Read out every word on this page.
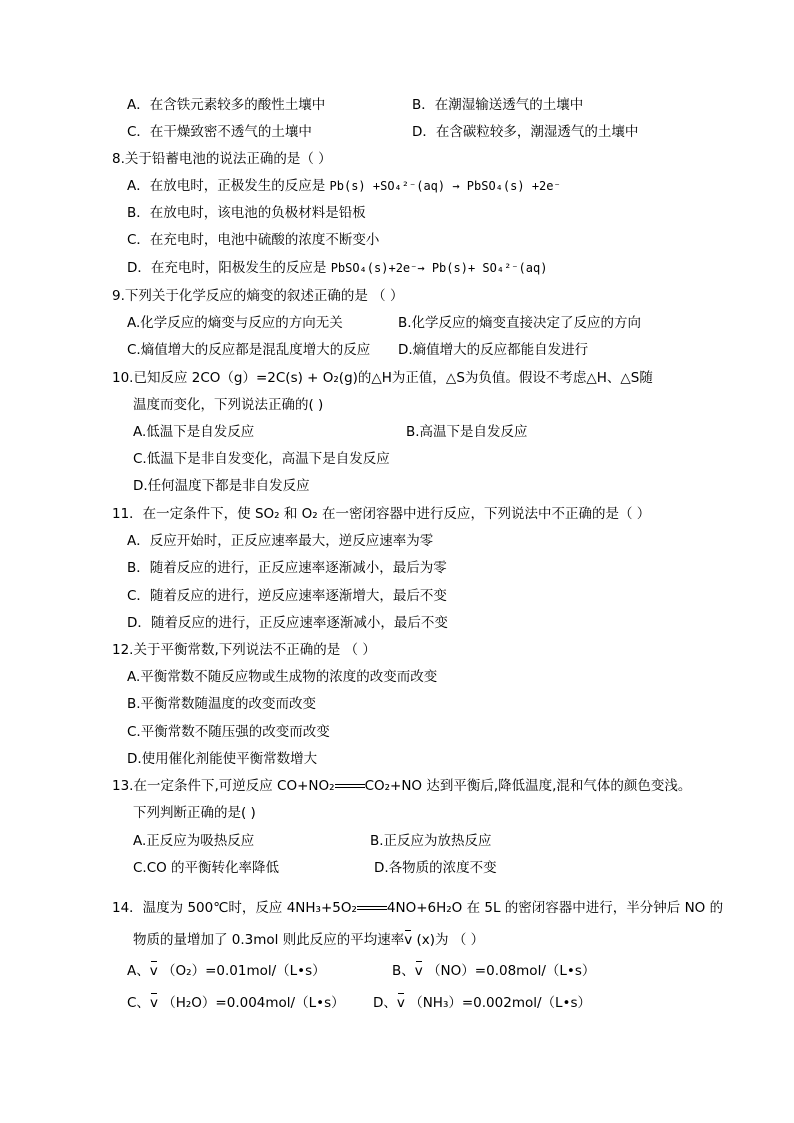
A．在含铁元素较多的酸性土壤中	B．在潮湿输送透气的土壤中
C．在干燥致密不透气的土壤中	D．在含碳粒较多，潮湿透气的土壤中
8.关于铅蓄电池的说法正确的是（ ）
A．在放电时，正极发生的反应是 Pb(s) +SO₄²⁻(aq) → PbSO₄(s) +2e⁻
B．在放电时，该电池的负极材料是铅板
C．在充电时，电池中硫酸的浓度不断变小
D．在充电时，阳极发生的反应是 PbSO₄(s)+2e⁻→ Pb(s)+ SO₄²⁻(aq)
9.下列关于化学反应的熵变的叙述正确的是 （ ）
A.化学反应的熵变与反应的方向无关	B.化学反应的熵变直接决定了反应的方向
C.熵值增大的反应都是混乱度增大的反应 D.熵值增大的反应都能自发进行
10.已知反应 2CO（g）=2C(s) + O₂(g)的△H为正值，△S为负值。假设不考虑△H、△S随
温度而变化，下列说法正确的( )
A.低温下是自发反应	B.高温下是自发反应
C.低温下是非自发变化，高温下是自发反应
D.任何温度下都是非自发反应
11．在一定条件下，使 SO₂ 和 O₂ 在一密闭容器中进行反应，下列说法中不正确的是（ ）
A．反应开始时，正反应速率最大，逆反应速率为零
B．随着反应的进行，正反应速率逐渐减小，最后为零
C．随着反应的进行，逆反应速率逐渐增大，最后不变
D．随着反应的进行，正反应速率逐渐减小，最后不变
12.关于平衡常数,下列说法不正确的是 （ ）
A.平衡常数不随反应物或生成物的浓度的改变而改变
B.平衡常数随温度的改变而改变
C.平衡常数不随压强的改变而改变
D.使用催化剂能使平衡常数增大
13.在一定条件下,可逆反应 CO+NO₂ CO₂+NO 达到平衡后,降低温度,混和气体的颜色变浅。
下列判断正确的是( )
A.正反应为吸热反应	B.正反应为放热反应
C.CO 的平衡转化率降低	D.各物质的浓度不变
14．温度为 500℃时，反应 4NH₃+5O₂ 4NO+6H₂O 在 5L 的密闭容器中进行，半分钟后 NO 的
物质的量增加了 0.3mol 则此反应的平均速率v (x)为 （ ）
A、v （O₂）=0.01mol/（L•s）	B、v （NO）=0.08mol/（L•s）
C、v （H₂O）=0.004mol/（L•s） D、v （NH₃）=0.002mol/（L•s）
